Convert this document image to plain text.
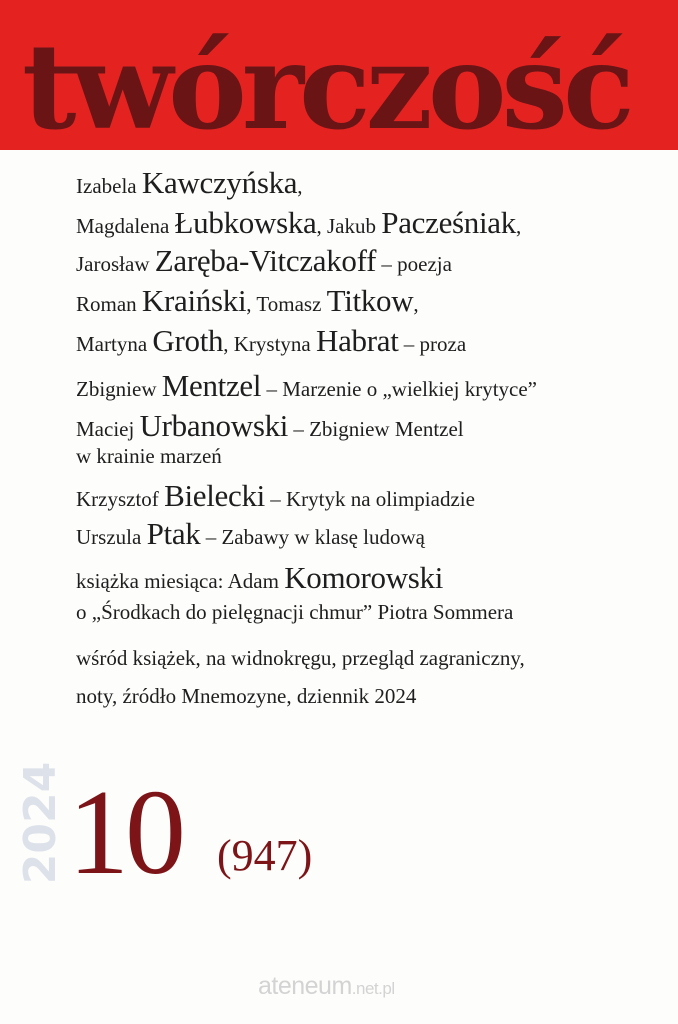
twórczość
Izabela Kawczyńska,
Magdalena Łubkowska, Jakub Pacześniak,
Jarosław Zaręba-Vitczakoff – poezja
Roman Kraiński, Tomasz Titkow,
Martyna Groth, Krystyna Habrat – proza
Zbigniew Mentzel – Marzenie o „wielkiej krytyce”
Maciej Urbanowski – Zbigniew Mentzel
w krainie marzeń
Krzysztof Bielecki – Krytyk na olimpiadzie
Urszula Ptak – Zabawy w klasę ludową
książka miesiąca: Adam Komorowski
o „Środkach do pielęgnacji chmur” Piotra Sommera
wśród książek, na widnokręgu, przegląd zagraniczny,
noty, źródło Mnemozyne, dziennik 2024
2024 10 (947)
ateneum.net.pl
